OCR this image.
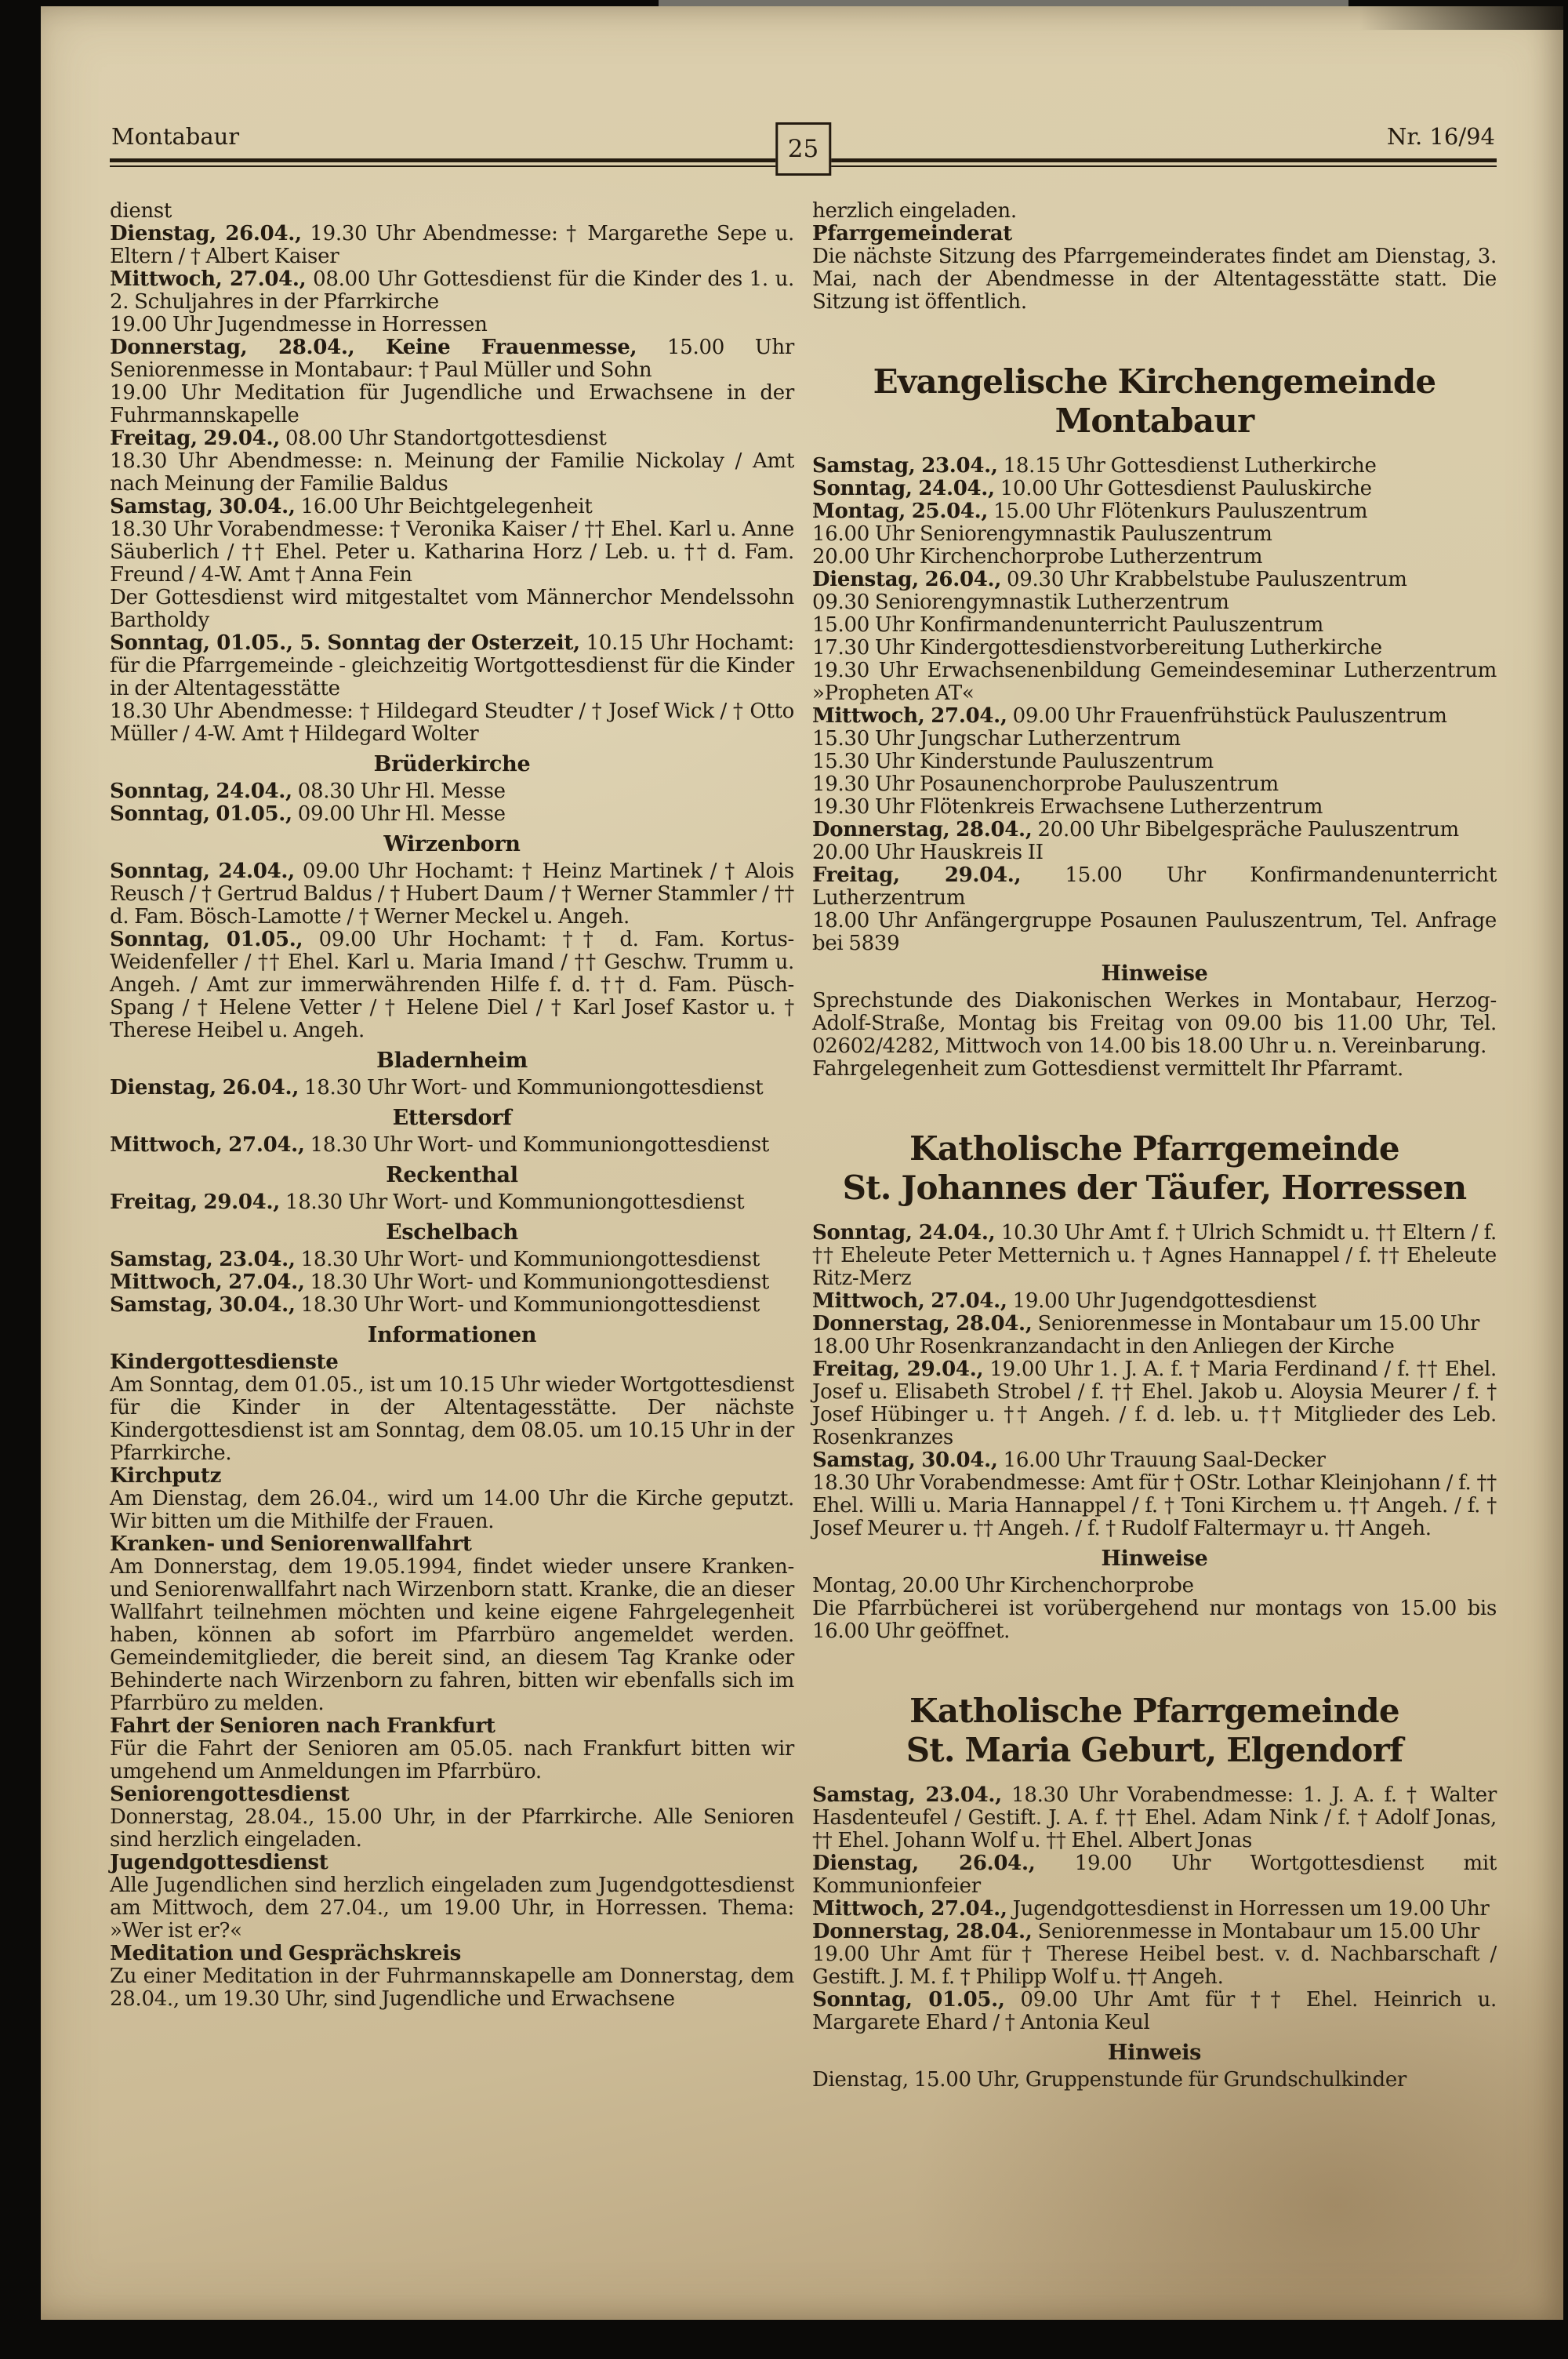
Montabaur	Nr. 16/94
25

dienst

Dienstag, 26.04., 19.30 Uhr Abendmesse: † Margarethe Sepe u. Eltern / † Albert Kaiser

Mittwoch, 27.04., 08.00 Uhr Gottesdienst für die Kinder des 1. u. 2. Schuljahres in der Pfarrkirche

19.00 Uhr Jugendmesse in Horressen

Donnerstag, 28.04., Keine Frauenmesse, 15.00 Uhr Seniorenmesse in Montabaur: † Paul Müller und Sohn

19.00 Uhr Meditation für Jugendliche und Erwachsene in der Fuhrmannskapelle

Freitag, 29.04., 08.00 Uhr Standortgottesdienst

18.30 Uhr Abendmesse: n. Meinung der Familie Nickolay / Amt nach Meinung der Familie Baldus

Samstag, 30.04., 16.00 Uhr Beichtgelegenheit

18.30 Uhr Vorabendmesse: † Veronika Kaiser / †† Ehel. Karl u. Anne Säuberlich / †† Ehel. Peter u. Katharina Horz / Leb. u. †† d. Fam. Freund / 4-W. Amt † Anna Fein

Der Gottesdienst wird mitgestaltet vom Männerchor Mendelssohn Bartholdy

Sonntag, 01.05., 5. Sonntag der Osterzeit, 10.15 Uhr Hochamt: für die Pfarrgemeinde - gleichzeitig Wortgottesdienst für die Kinder in der Altentagesstätte

18.30 Uhr Abendmesse: † Hildegard Steudter / † Josef Wick / † Otto Müller / 4-W. Amt † Hildegard Wolter

Brüderkirche

Sonntag, 24.04., 08.30 Uhr Hl. Messe

Sonntag, 01.05., 09.00 Uhr Hl. Messe

Wirzenborn

Sonntag, 24.04., 09.00 Uhr Hochamt: † Heinz Martinek / † Alois Reusch / † Gertrud Baldus / † Hubert Daum / † Werner Stammler / †† d. Fam. Bösch-Lamotte / † Werner Meckel u. Angeh.

Sonntag, 01.05., 09.00 Uhr Hochamt: †† d. Fam. Kortus-Weidenfeller / †† Ehel. Karl u. Maria Imand / †† Geschw. Trumm u. Angeh. / Amt zur immerwährenden Hilfe f. d. †† d. Fam. Püsch-Spang / † Helene Vetter / † Helene Diel / † Karl Josef Kastor u. † Therese Heibel u. Angeh.

Bladernheim

Dienstag, 26.04., 18.30 Uhr Wort- und Kommuniongottesdienst

Ettersdorf

Mittwoch, 27.04., 18.30 Uhr Wort- und Kommuniongottesdienst

Reckenthal

Freitag, 29.04., 18.30 Uhr Wort- und Kommuniongottesdienst

Eschelbach

Samstag, 23.04., 18.30 Uhr Wort- und Kommuniongottesdienst

Mittwoch, 27.04., 18.30 Uhr Wort- und Kommuniongottesdienst

Samstag, 30.04., 18.30 Uhr Wort- und Kommuniongottesdienst

Informationen

Kindergottesdienste

Am Sonntag, dem 01.05., ist um 10.15 Uhr wieder Wortgottesdienst für die Kinder in der Altentagesstätte. Der nächste Kindergottesdienst ist am Sonntag, dem 08.05. um 10.15 Uhr in der Pfarrkirche.

Kirchputz

Am Dienstag, dem 26.04., wird um 14.00 Uhr die Kirche geputzt. Wir bitten um die Mithilfe der Frauen.

Kranken- und Seniorenwallfahrt

Am Donnerstag, dem 19.05.1994, findet wieder unsere Kranken- und Seniorenwallfahrt nach Wirzenborn statt. Kranke, die an dieser Wallfahrt teilnehmen möchten und keine eigene Fahrgelegenheit haben, können ab sofort im Pfarrbüro angemeldet werden. Gemeindemitglieder, die bereit sind, an diesem Tag Kranke oder Behinderte nach Wirzenborn zu fahren, bitten wir ebenfalls sich im Pfarrbüro zu melden.

Fahrt der Senioren nach Frankfurt

Für die Fahrt der Senioren am 05.05. nach Frankfurt bitten wir umgehend um Anmeldungen im Pfarrbüro.

Seniorengottesdienst

Donnerstag, 28.04., 15.00 Uhr, in der Pfarrkirche. Alle Senioren sind herzlich eingeladen.

Jugendgottesdienst

Alle Jugendlichen sind herzlich eingeladen zum Jugendgottesdienst am Mittwoch, dem 27.04., um 19.00 Uhr, in Horressen. Thema: »Wer ist er?«

Meditation und Gesprächskreis

Zu einer Meditation in der Fuhrmannskapelle am Donnerstag, dem 28.04., um 19.30 Uhr, sind Jugendliche und Erwachsene

herzlich eingeladen.

Pfarrgemeinderat

Die nächste Sitzung des Pfarrgemeinderates findet am Dienstag, 3. Mai, nach der Abendmesse in der Altentagesstätte statt. Die Sitzung ist öffentlich.

Evangelische Kirchengemeinde Montabaur

Samstag, 23.04., 18.15 Uhr Gottesdienst Lutherkirche

Sonntag, 24.04., 10.00 Uhr Gottesdienst Pauluskirche

Montag, 25.04., 15.00 Uhr Flötenkurs Pauluszentrum

16.00 Uhr Seniorengymnastik Pauluszentrum

20.00 Uhr Kirchenchorprobe Lutherzentrum

Dienstag, 26.04., 09.30 Uhr Krabbelstube Pauluszentrum

09.30 Seniorengymnastik Lutherzentrum

15.00 Uhr Konfirmandenunterricht Pauluszentrum

17.30 Uhr Kindergottesdienstvorbereitung Lutherkirche

19.30 Uhr Erwachsenenbildung Gemeindeseminar Lutherzentrum »Propheten AT«

Mittwoch, 27.04., 09.00 Uhr Frauenfrühstück Pauluszentrum

15.30 Uhr Jungschar Lutherzentrum

15.30 Uhr Kinderstunde Pauluszentrum

19.30 Uhr Posaunenchorprobe Pauluszentrum

19.30 Uhr Flötenkreis Erwachsene Lutherzentrum

Donnerstag, 28.04., 20.00 Uhr Bibelgespräche Pauluszentrum

20.00 Uhr Hauskreis II

Freitag, 29.04., 15.00 Uhr Konfirmandenunterricht Lutherzentrum

18.00 Uhr Anfängergruppe Posaunen Pauluszentrum, Tel. Anfrage bei 5839

Hinweise

Sprechstunde des Diakonischen Werkes in Montabaur, Herzog-Adolf-Straße, Montag bis Freitag von 09.00 bis 11.00 Uhr, Tel. 02602/4282, Mittwoch von 14.00 bis 18.00 Uhr u. n. Vereinbarung.

Fahrgelegenheit zum Gottesdienst vermittelt Ihr Pfarramt.

Katholische Pfarrgemeinde
St. Johannes der Täufer, Horressen

Sonntag, 24.04., 10.30 Uhr Amt f. † Ulrich Schmidt u. †† Eltern / f. †† Eheleute Peter Metternich u. † Agnes Hannappel / f. †† Eheleute Ritz-Merz

Mittwoch, 27.04., 19.00 Uhr Jugendgottesdienst

Donnerstag, 28.04., Seniorenmesse in Montabaur um 15.00 Uhr

18.00 Uhr Rosenkranzandacht in den Anliegen der Kirche

Freitag, 29.04., 19.00 Uhr 1. J. A. f. † Maria Ferdinand / f. †† Ehel. Josef u. Elisabeth Strobel / f. †† Ehel. Jakob u. Aloysia Meurer / f. † Josef Hübinger u. †† Angeh. / f. d. leb. u. †† Mitglieder des Leb. Rosenkranzes

Samstag, 30.04., 16.00 Uhr Trauung Saal-Decker

18.30 Uhr Vorabendmesse: Amt für † OStr. Lothar Kleinjohann / f. †† Ehel. Willi u. Maria Hannappel / f. † Toni Kirchem u. †† Angeh. / f. † Josef Meurer u. †† Angeh. / f. † Rudolf Faltermayr u. †† Angeh.

Hinweise

Montag, 20.00 Uhr Kirchenchorprobe

Die Pfarrbücherei ist vorübergehend nur montags von 15.00 bis 16.00 Uhr geöffnet.

Katholische Pfarrgemeinde
St. Maria Geburt, Elgendorf

Samstag, 23.04., 18.30 Uhr Vorabendmesse: 1. J. A. f. † Walter Hasdenteufel / Gestift. J. A. f. †† Ehel. Adam Nink / f. † Adolf Jonas, †† Ehel. Johann Wolf u. †† Ehel. Albert Jonas

Dienstag, 26.04., 19.00 Uhr Wortgottesdienst mit Kommunionfeier

Mittwoch, 27.04., Jugendgottesdienst in Horressen um 19.00 Uhr

Donnerstag, 28.04., Seniorenmesse in Montabaur um 15.00 Uhr

19.00 Uhr Amt für † Therese Heibel best. v. d. Nachbarschaft / Gestift. J. M. f. † Philipp Wolf u. †† Angeh.

Sonntag, 01.05., 09.00 Uhr Amt für †† Ehel. Heinrich u. Margarete Ehard / † Antonia Keul

Hinweis

Dienstag, 15.00 Uhr, Gruppenstunde für Grundschulkinder
